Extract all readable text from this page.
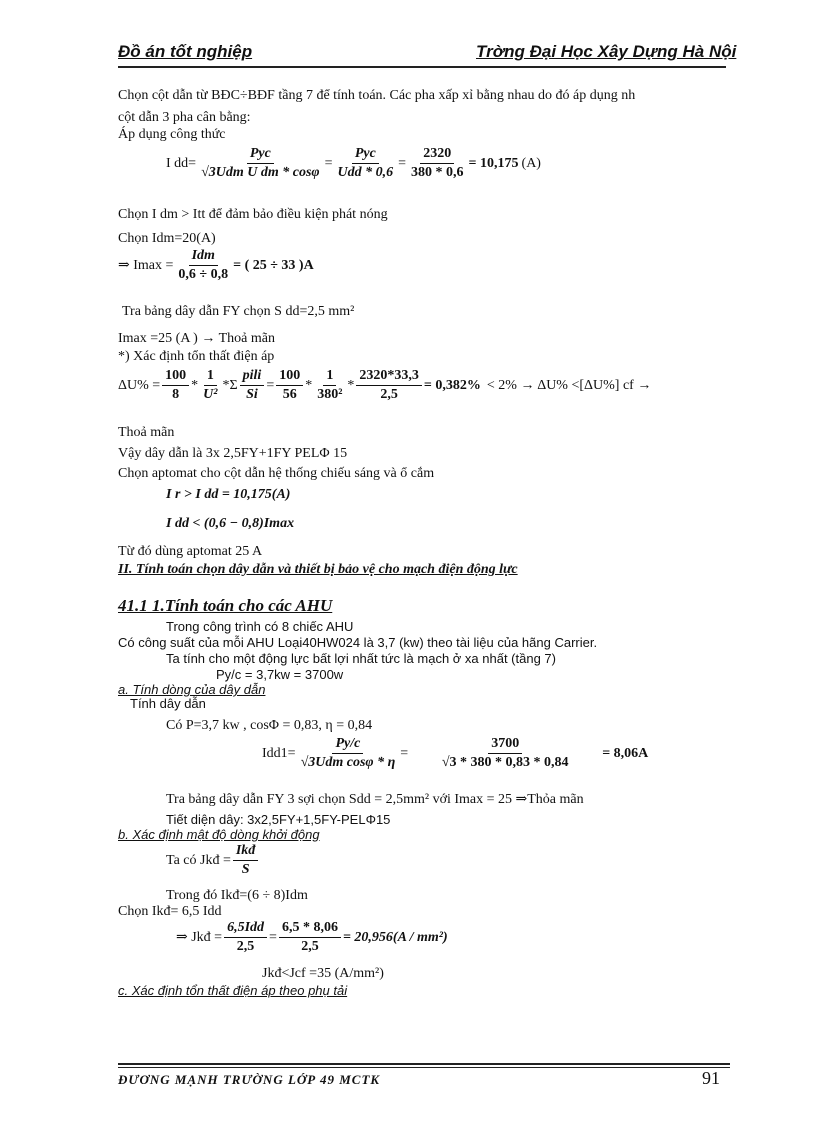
Đồ án tốt nghiệp	Trờng Đại Học Xây Dựng Hà Nội
Chọn cột dẫn từ BĐC÷BĐF tầng 7 để tính toán. Các pha xấp xỉ bằng nhau do đó áp dụng nh
cột dẫn 3 pha cân bằng:
Áp dụng công thức
I $dd= \frac{\text{Pyc}}{\text{√3Udm U dm * cosφ}} = \frac{\text{Pyc}}{\text{Udd * 0,6}} = \frac{2320}{380 * 0,6} = 10,175$ (A)
Chọn I dm > Itt để đảm bảo điều kiện phát nóng
Chọn Idm=20(A)
⇒ $Imax = \frac{\text{Idm}}{0,6 \div 0,8}$ = ( 25 ÷ 33 )A
Tra bảng dây dẫn FY chọn S dd=2,5 mm²
Imax =25 (A ) → Thoả mãn
*) Xác định tổn thất điện áp
$\Delta U\% = \frac{100}{8} * \frac{1}{\text{U²}} *\Sigma \frac{\text{pili}}{Si} = \frac{100}{56} * \frac{1}{\text{380²}} * \frac{2320*33,3}{2,5} = 0,382\% < 2\% \to \Delta U\% <[\Delta U\%]$ cf →
Thoả mãn
Vậy dây dẫn là 3x 2,5FY+1FY PELΦ 15
Chọn aptomat cho cột dẫn hệ thống chiếu sáng và ổ cắm
I r > I dd = 10,175(A)
I dd < (0,6 − 0,8)Imax
Từ đó dùng aptomat 25 A
II. Tính toán chọn dây dẫn và thiết bị bảo vệ cho mạch điện động lực
41.1 1.Tính toán cho các AHU
Trong công trình có 8 chiếc AHU
Có công suất của mỗi AHU Loại40HW024 là 3,7 (kw) theo tài liệu của hãng Carrier.
Ta tính cho một động lực bất lợi nhất tức là mạch ở xa nhất (tầng 7)
Py/c = 3,7kw = 3700w
a. Tính dòng của dây dẫn
Tính dây dẫn
Có P=3,7 kw , cosΦ = 0,83, η = 0,84
$Idd1= \frac{Py/c}{\text{√3Udm cosφ * η}} = \frac{3700}{√3 * 380 * 0,83 * 0,84} = 8,06A$
Tra bảng dây dẫn FY 3 sợi chọn Sdd = 2,5mm² với Imax = 25 ⇒Thỏa mãn
Tiết diện dây: 3x2,5FY+1,5FY-PELΦ15
b. Xác định mật độ dòng khởi động
Ta có Jkđ = $\frac{\text{Ikđ}}{S}$
Trong đó Ikđ=(6 ÷ 8)Idm
Chọn Ikđ= 6,5 Idd
⇒ Jkđ = $\frac{\text{6,5Idd}}{2,5} = \frac{6,5 * 8,06}{2,5} = 20,956(A / mm^2)$
Jkđ<Jcf =35 (A/mm²)
c. Xác định tổn thất điện áp theo phụ tải
ĐƯƠNG MẠNH TRƯỜNG LỚP 49 MCTK	91
